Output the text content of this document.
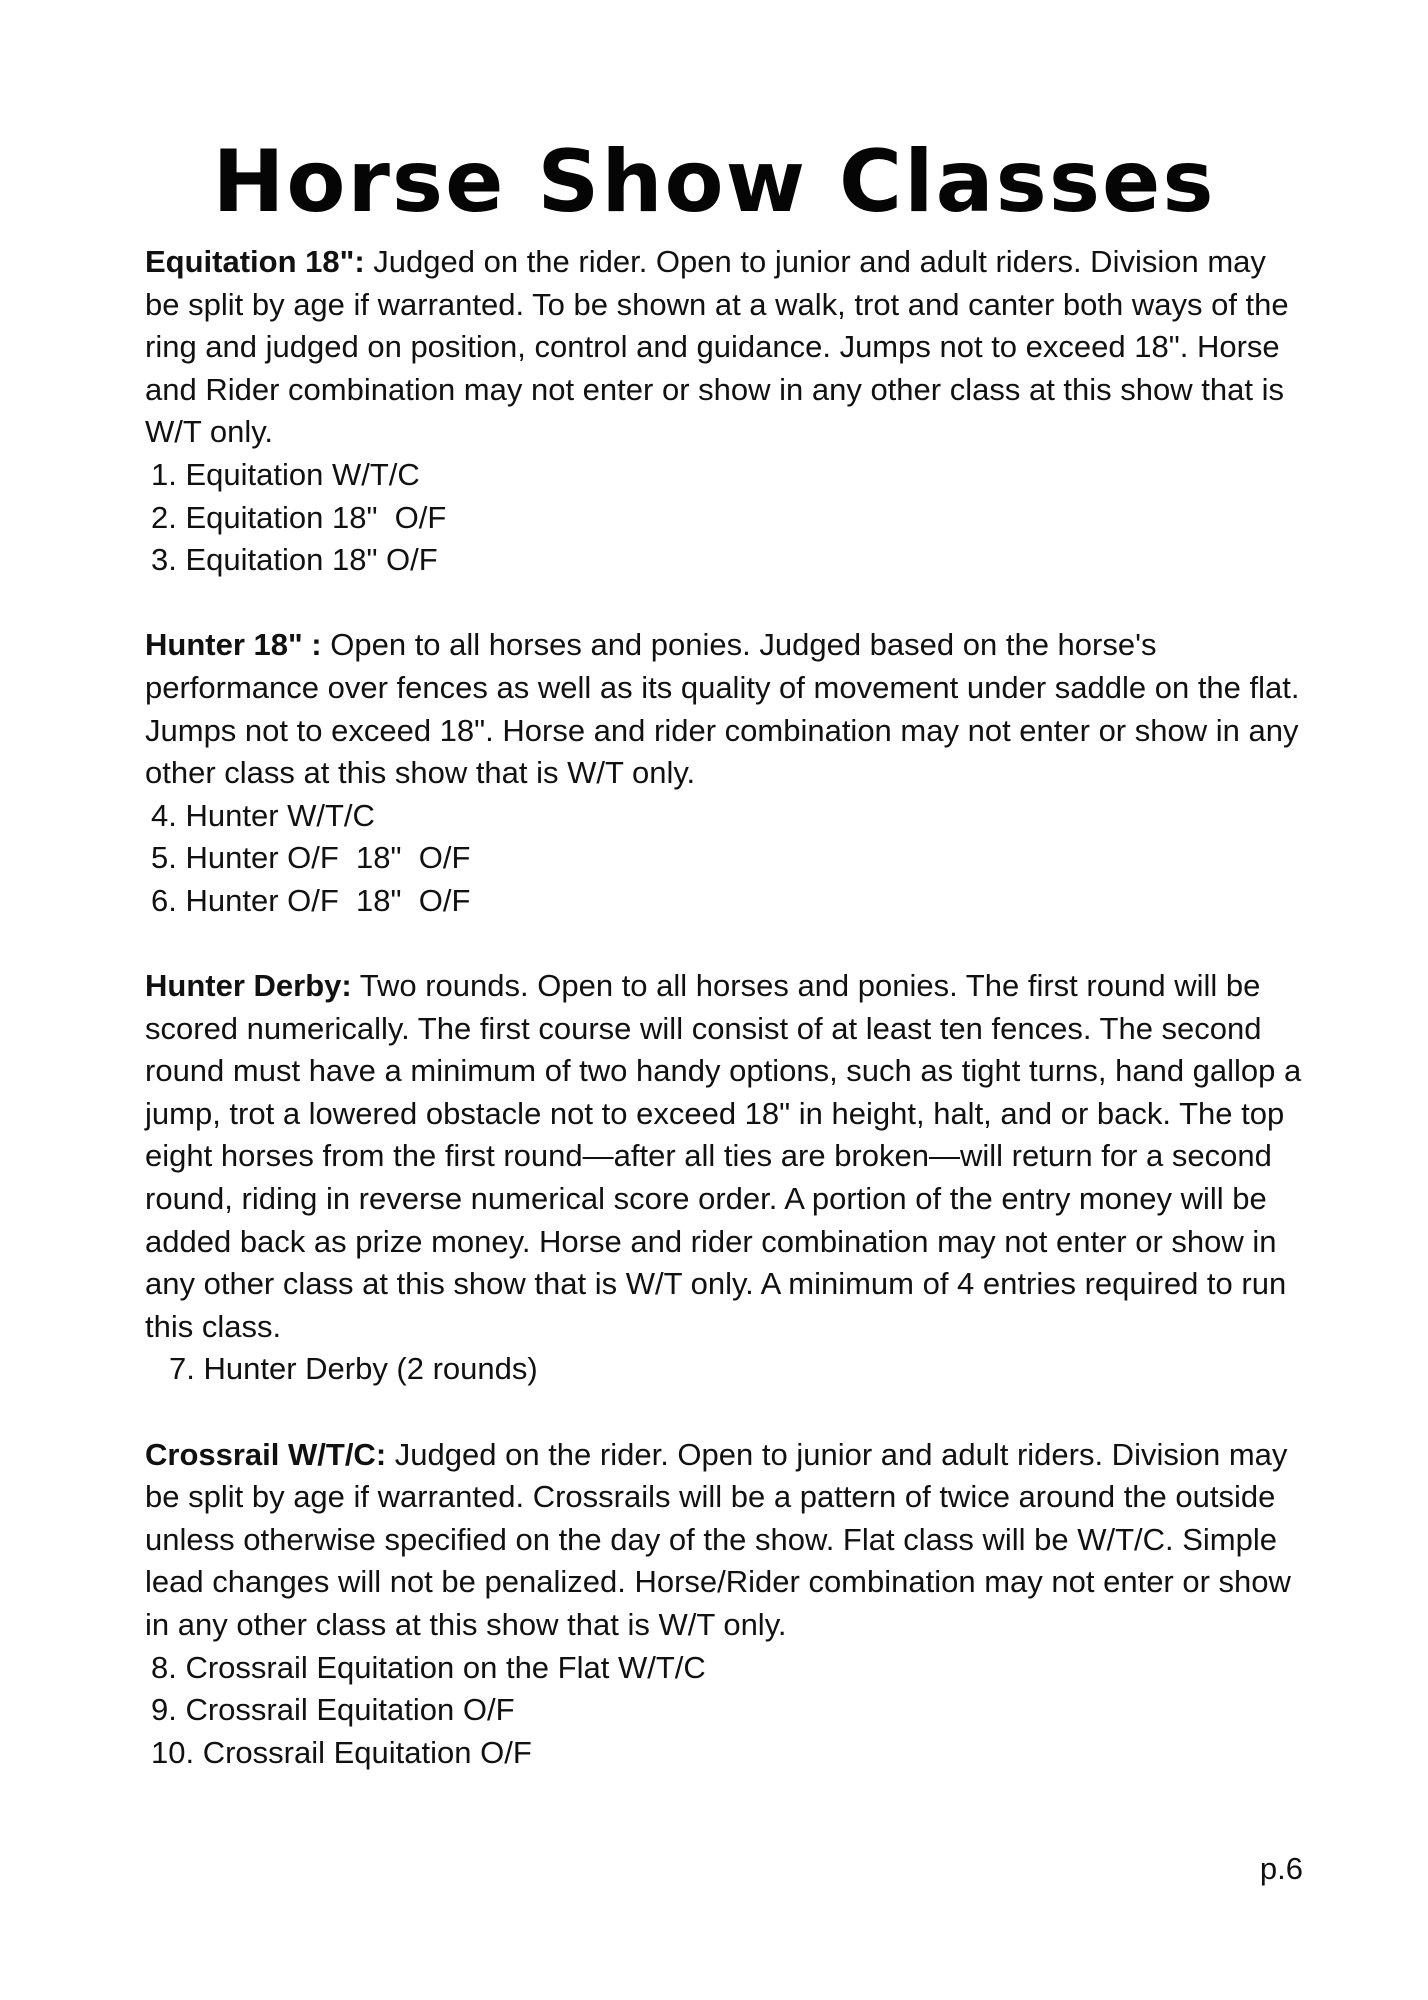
Horse Show Classes

Equitation 18": Judged on the rider. Open to junior and adult riders. Division may be split by age if warranted. To be shown at a walk, trot and canter both ways of the ring and judged on position, control and guidance. Jumps not to exceed 18". Horse and Rider combination may not enter or show in any other class at this show that is W/T only.

1. Equitation W/T/C
2. Equitation 18"  O/F
3. Equitation 18" O/F

Hunter 18" : Open to all horses and ponies. Judged based on the horse's performance over fences as well as its quality of movement under saddle on the flat. Jumps not to exceed 18". Horse and rider combination may not enter or show in any other class at this show that is W/T only.

4. Hunter W/T/C
5. Hunter O/F  18"  O/F
6. Hunter O/F  18"  O/F

Hunter Derby: Two rounds. Open to all horses and ponies. The first round will be scored numerically. The first course will consist of at least ten fences. The second round must have a minimum of two handy options, such as tight turns, hand gallop a jump, trot a lowered obstacle not to exceed 18" in height, halt, and or back. The top eight horses from the first round—after all ties are broken—will return for a second round, riding in reverse numerical score order. A portion of the entry money will be added back as prize money. Horse and rider combination may not enter or show in any other class at this show that is W/T only. A minimum of 4 entries required to run this class.

7. Hunter Derby (2 rounds)

Crossrail W/T/C: Judged on the rider. Open to junior and adult riders. Division may be split by age if warranted. Crossrails will be a pattern of twice around the outside unless otherwise specified on the day of the show. Flat class will be W/T/C. Simple lead changes will not be penalized. Horse/Rider combination may not enter or show in any other class at this show that is W/T only.

8. Crossrail Equitation on the Flat W/T/C
9. Crossrail Equitation O/F
10. Crossrail Equitation O/F
p.6
